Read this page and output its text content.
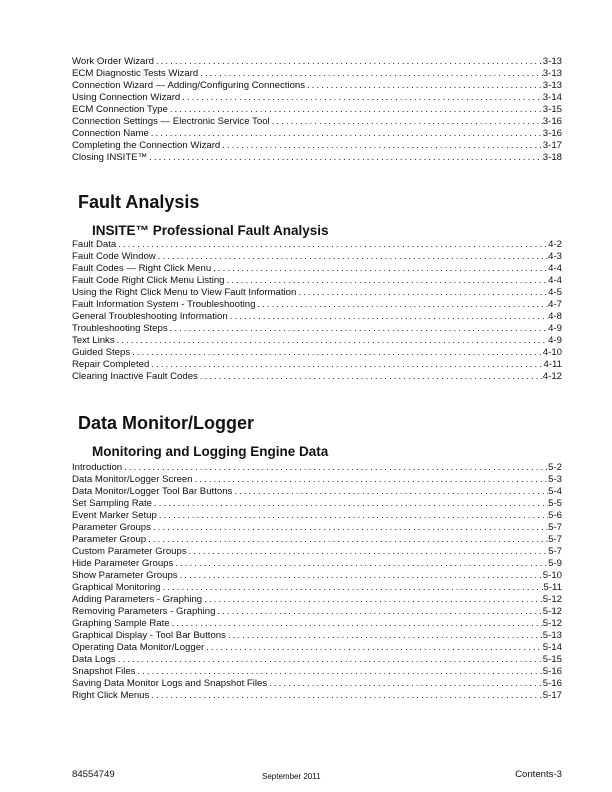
Work Order Wizard . . .	3-13
ECM Diagnostic Tests Wizard . . .	3-13
Connection Wizard — Adding/Configuring Connections . . .	3-13
Using Connection Wizard . . .	3-14
ECM Connection Type . . .	3-15
Connection Settings — Electronic Service Tool . . .	3-16
Connection Name . . .	3-16
Completing the Connection Wizard . . .	3-17
Closing INSITE™ . . .	3-18
Fault Analysis
INSITE™ Professional Fault Analysis
Fault Data . . .	4-2
Fault Code Window . . .	4-3
Fault Codes — Right Click Menu . . .	4-4
Fault Code Right Click Menu Listing . . .	4-4
Using the Right Click Menu to View Fault Information . . .	4-5
Fault Information System - Troubleshooting . . .	4-7
General Troubleshooting Information . . .	4-8
Troubleshooting Steps . . .	4-9
Text Links . . .	4-9
Guided Steps . . .	4-10
Repair Completed . . .	4-11
Clearing Inactive Fault Codes . . .	4-12
Data Monitor/Logger
Monitoring and Logging Engine Data
Introduction . . .	5-2
Data Monitor/Logger Screen . . .	5-3
Data Monitor/Logger Tool Bar Buttons . . .	5-4
Set Sampling Rate . . .	5-5
Event Marker Setup . . .	5-6
Parameter Groups . . .	5-7
Parameter Group . . .	5-7
Custom Parameter Groups . . .	5-7
Hide Parameter Groups . . .	5-9
Show Parameter Groups . . .	5-10
Graphical Monitoring . . .	5-11
Adding Parameters - Graphing . . .	5-12
Removing Parameters - Graphing . . .	5-12
Graphing Sample Rate . . .	5-12
Graphical Display - Tool Bar Buttons . . .	5-13
Operating Data Monitor/Logger . . .	5-14
Data Logs . . .	5-15
Snapshot Files . . .	5-16
Saving Data Monitor Logs and Snapshot Files . . .	5-16
Right Click Menus . . .	5-17
84554749	September 2011	Contents-3
